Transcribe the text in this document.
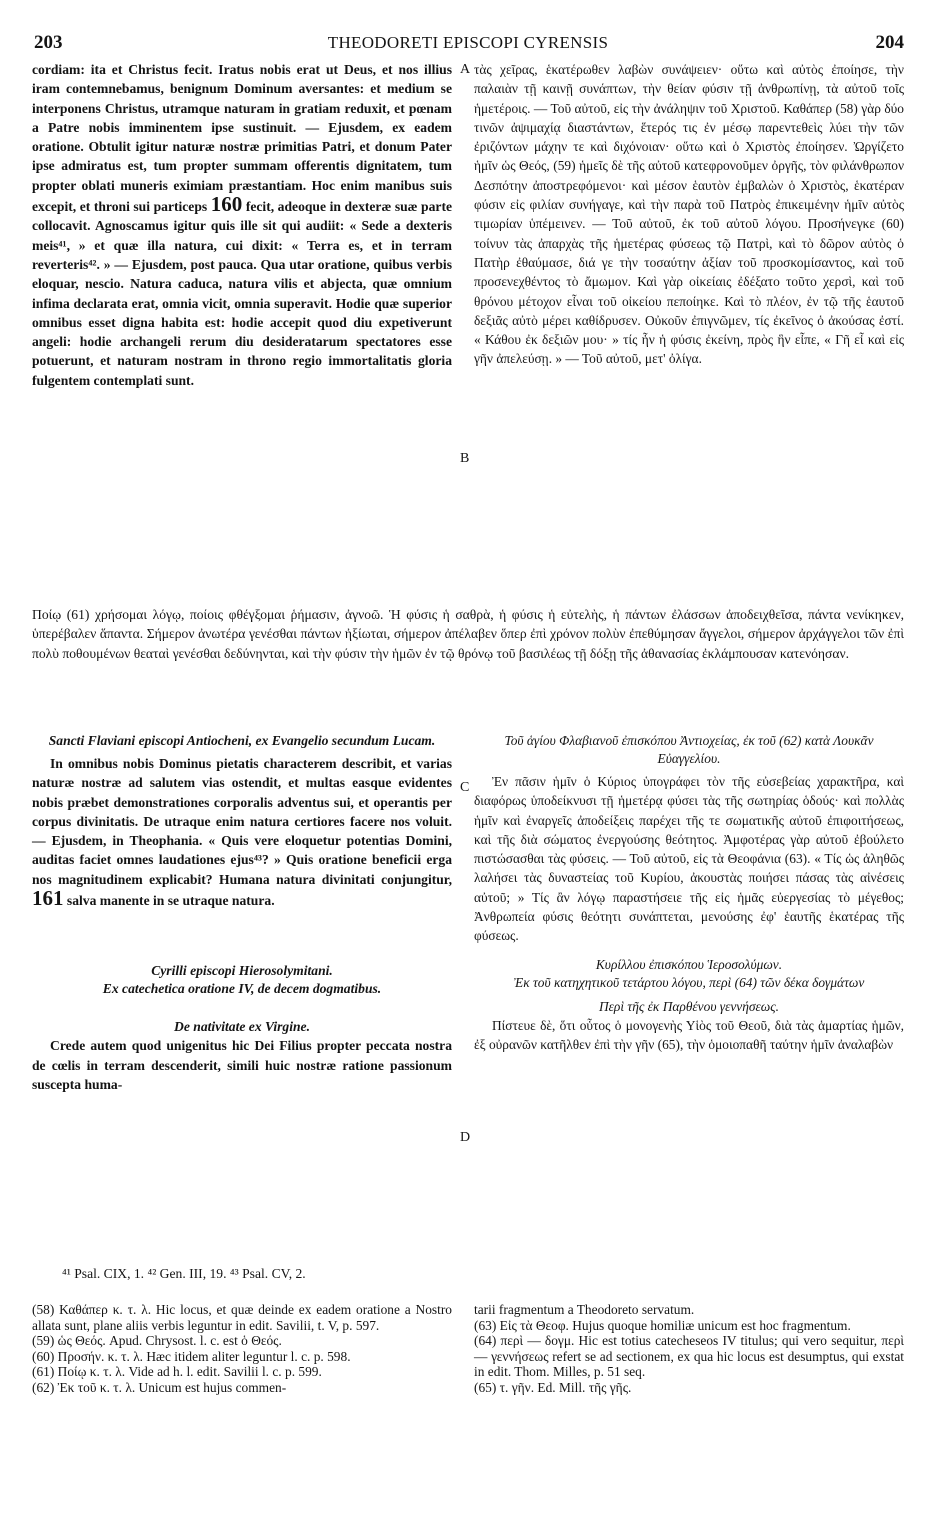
203	THEODORETI EPISCOPI CYRENSIS	204

cordiam: ita et Christus fecit. Iratus nobis erat ut Deus, et nos illius iram contemnebamus, benignum Dominum aversantes: et medium se interponens Christus, utramque naturam in gratiam reduxit, et pœnam a Patre nobis imminentem ipse sustinuit. — Ejusdem, ex eadem oratione. Obtulit igitur naturæ nostræ primitias Patri, et donum Pater ipse admiratus est, tum propter summam offerentis dignitatem, tum propter oblati muneris eximiam præstantiam. Hoc enim manibus suis excepit, et throni sui particeps 160 fecit, adeoque in dexteræ suæ parte collocavit. Agnoscamus igitur quis ille sit qui audiit: « Sede a dexteris meis⁴¹, » et quæ illa natura, cui dixit: « Terra es, et in terram reverteris⁴². » — Ejusdem, post pauca. Qua utar oratione, quibus verbis eloquar, nescio. Natura caduca, natura vilis et abjecta, quæ omnium infima declarata erat, omnia vicit, omnia superavit. Hodie quæ superior omnibus esset digna habita est: hodie accepit quod diu expetiverunt angeli: hodie archangeli rerum diu desideratarum spectatores esse potuerunt, et naturam nostram in throno regio immortalitatis gloria fulgentem contemplati sunt.

τὰς χεῖρας, ἑκατέρωθεν λαβὼν συνάψειεν· οὕτω καὶ αὐτὸς ἐποίησε, τὴν παλαιὰν τῇ καινῇ συνάπτων, τὴν θείαν φύσιν τῇ ἀνθρωπίνῃ, τὰ αὐτοῦ τοῖς ἡμετέροις. — Τοῦ αὐτοῦ, εἰς τὴν ἀνάληψιν τοῦ Χριστοῦ. Καθάπερ (58) γὰρ δύο τινῶν ἀψιμαχίᾳ διαστάντων, ἕτερός τις ἐν μέσῳ παρεντεθεὶς λύει τὴν τῶν ἐριζόντων μάχην τε καὶ διχόνοιαν· οὕτω καὶ ὁ Χριστὸς ἐποίησεν. Ὠργίζετο ἡμῖν ὡς Θεός, (59) ἡμεῖς δὲ τῆς αὐτοῦ κατεφρονοῦμεν ὀργῆς, τὸν φιλάνθρωπον Δεσπότην ἀποστρεφόμενοι· καὶ μέσον ἑαυτὸν ἐμβαλὼν ὁ Χριστὸς, ἑκατέραν φύσιν εἰς φιλίαν συνήγαγε, καὶ τὴν παρὰ τοῦ Πατρὸς ἐπικειμένην ἡμῖν αὐτὸς τιμωρίαν ὑπέμεινεν. — Τοῦ αὐτοῦ, ἐκ τοῦ αὐτοῦ λόγου. Προσήνεγκε (60) τοίνυν τὰς ἀπαρχὰς τῆς ἡμετέρας φύσεως τῷ Πατρὶ, καὶ τὸ δῶρον αὐτὸς ὁ Πατὴρ ἐθαύμασε, διά γε τὴν τοσαύτην ἀξίαν τοῦ προσκομίσαντος, καὶ τοῦ προσενεχθέντος τὸ ἄμωμον. Καὶ γὰρ οἰκείαις ἐδέξατο τοῦτο χερσὶ, καὶ τοῦ θρόνου μέτοχον εἶναι τοῦ οἰκείου πεποίηκε. Καὶ τὸ πλέον, ἐν τῷ τῆς ἑαυτοῦ δεξιᾶς αὐτὸ μέρει καθίδρυσεν. Οὐκοῦν ἐπιγνῶμεν, τίς ἐκεῖνος ὁ ἀκούσας ἐστί. « Κάθου ἐκ δεξιῶν μου· » τίς ἦν ἡ φύσις ἐκείνη, πρὸς ἣν εἶπε, « Γῆ εἶ καὶ εἰς γῆν ἀπελεύσῃ. » — Τοῦ αὐτοῦ, μετ' ὀλίγα.

A
B

Ποίῳ (61) χρήσομαι λόγῳ, ποίοις φθέγξομαι ῥήμασιν, ἀγνοῶ. Ἡ φύσις ἡ σαθρὰ, ἡ φύσις ἡ εὐτελὴς, ἡ πάντων ἐλάσσων ἀποδειχθεῖσα, πάντα νενίκηκεν, ὑπερέβαλεν ἅπαντα. Σήμερον ἀνωτέρα γενέσθαι πάντων ἠξίωται, σήμερον ἀπέλαβεν ὅπερ ἐπὶ χρόνον πολὺν ἐπεθύμησαν ἄγγελοι, σήμερον ἀρχάγγελοι τῶν ἐπὶ πολὺ ποθουμένων θεαταὶ γενέσθαι δεδύνηνται, καὶ τὴν φύσιν τὴν ἡμῶν ἐν τῷ θρόνῳ τοῦ βασιλέως τῇ δόξῃ τῆς ἀθανασίας ἐκλάμπουσαν κατενόησαν.

Sancti Flaviani episcopi Antiocheni, ex Evangelio secundum Lucam.

In omnibus nobis Dominus pietatis characterem describit, et varias naturæ nostræ ad salutem vias ostendit, et multas easque evidentes nobis præbet demonstrationes corporalis adventus sui, et operantis per corpus divinitatis. De utraque enim natura certiores facere nos voluit. — Ejusdem, in Theophania. « Quis vere eloquetur potentias Domini, auditas faciet omnes laudationes ejus⁴³? » Quis oratione beneficii erga nos magnitudinem explicabit? Humana natura divinitati conjungitur, 161 salva manente in se utraque natura.

Cyrilli episcopi Hierosolymitani.

Ex catechetica oratione IV, de decem dogmatibus.

De nativitate ex Virgine.

Crede autem quod unigenitus hic Dei Filius propter peccata nostra de cœlis in terram descenderit, simili huic nostræ ratione passionum suscepta huma-

Τοῦ ἁγίου Φλαβιανοῦ ἐπισκόπου Ἀντιοχείας, ἐκ τοῦ (62) κατὰ Λουκᾶν Εὐαγγελίου.

Ἐν πᾶσιν ἡμῖν ὁ Κύριος ὑπογράφει τὸν τῆς εὐσεβείας χαρακτῆρα, καὶ διαφόρως ὑποδείκνυσι τῇ ἡμετέρᾳ φύσει τὰς τῆς σωτηρίας ὁδούς· καὶ πολλὰς ἡμῖν καὶ ἐναργεῖς ἀποδείξεις παρέχει τῆς τε σωματικῆς αὐτοῦ ἐπιφοιτήσεως, καὶ τῆς διὰ σώματος ἐνεργούσης θεότητος. Ἀμφοτέρας γὰρ αὐτοῦ ἐβούλετο πιστώσασθαι τὰς φύσεις. — Τοῦ αὐτοῦ, εἰς τὰ Θεοφάνια (63). « Τίς ὡς ἀληθῶς λαλήσει τὰς δυναστείας τοῦ Κυρίου, ἀκουστὰς ποιήσει πάσας τὰς αἰνέσεις αὐτοῦ; » Τίς ἂν λόγῳ παραστήσειε τῆς εἰς ἡμᾶς εὐεργεσίας τὸ μέγεθος; Ἀνθρωπεία φύσις θεότητι συνάπτεται, μενούσης ἐφ' ἑαυτῆς ἑκατέρας τῆς φύσεως.

Κυρίλλου ἐπισκόπου Ἱεροσολύμων.

Ἐκ τοῦ κατηχητικοῦ τετάρτου λόγου, περὶ (64) τῶν δέκα δογμάτων

Περὶ τῆς ἐκ Παρθένου γεννήσεως.

Πίστευε δὲ, ὅτι οὗτος ὁ μονογενὴς Υἱὸς τοῦ Θεοῦ, διὰ τὰς ἁμαρτίας ἡμῶν, ἐξ οὐρανῶν κατῆλθεν ἐπὶ τὴν γῆν (65), τὴν ὁμοιοπαθῆ ταύτην ἡμῖν ἀναλαβὼν

C
D
⁴¹ Psal. CIX, 1. ⁴² Gen. III, 19. ⁴³ Psal. CV, 2.

(58) Καθάπερ κ. τ. λ. Hic locus, et quæ deinde ex eadem oratione a Nostro allata sunt, plane aliis verbis leguntur in edit. Savilii, t. V, p. 597.

(59) ὡς Θεός. Apud. Chrysost. l. c. est ὁ Θεός.

(60) Προσήν. κ. τ. λ. Hæc itidem aliter leguntur l. c. p. 598.

(61) Ποίῳ κ. τ. λ. Vide ad h. l. edit. Savilii l. c. p. 599.

(62) Ἐκ τοῦ κ. τ. λ. Unicum est hujus commen-

tarii fragmentum a Theodoreto servatum.

(63) Εἰς τὰ Θεοφ. Hujus quoque homiliæ unicum est hoc fragmentum.

(64) περὶ — δογμ. Hic est totius catecheseos IV titulus; qui vero sequitur, περὶ — γεννήσεως refert se ad sectionem, ex qua hic locus est desumptus, qui exstat in edit. Thom. Milles, p. 51 seq.

(65) τ. γῆν. Ed. Mill. τῆς γῆς.
